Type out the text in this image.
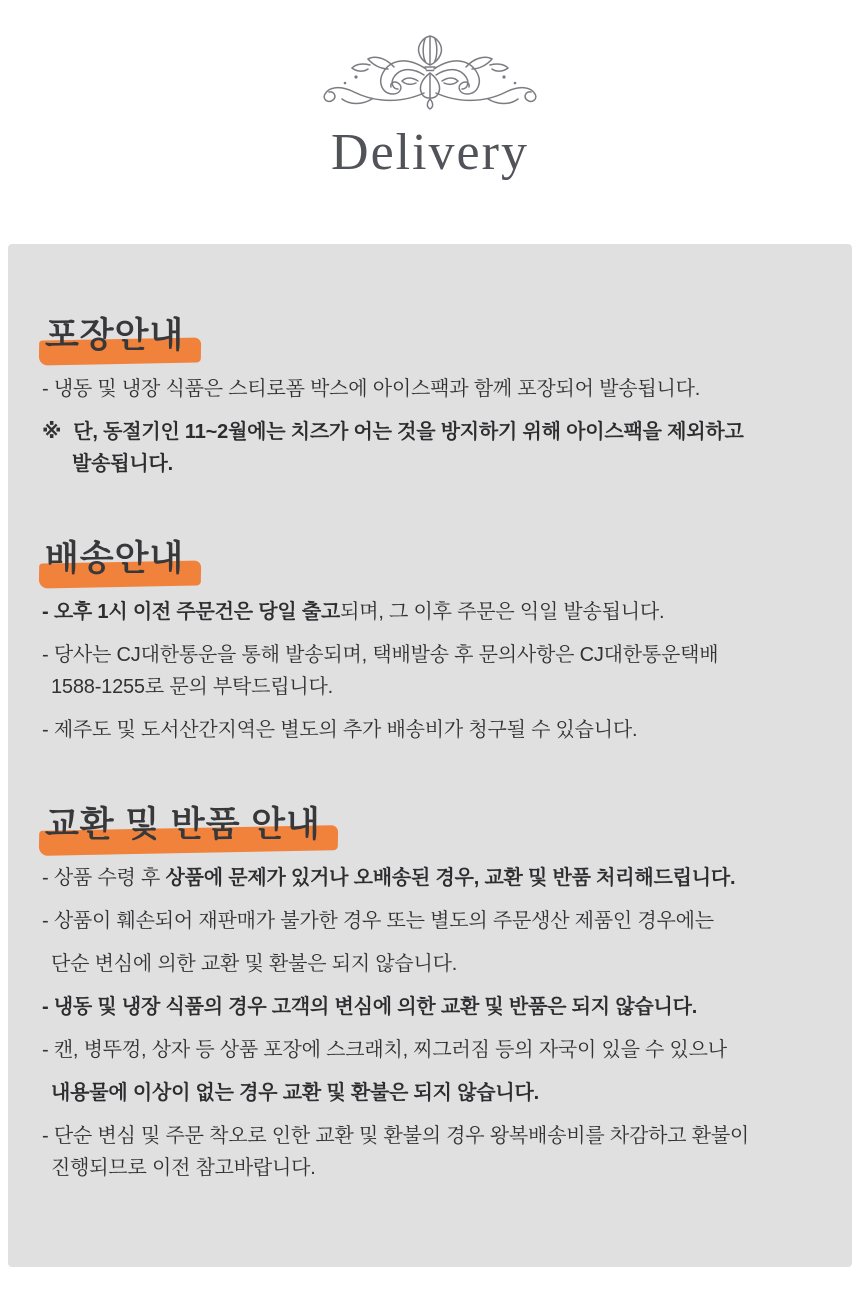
Delivery
포장안내

- 냉동 및 냉장 식품은 스티로폼 박스에 아이스팩과 함께 포장되어 발송됩니다.

※ 단, 동절기인 11~2월에는 치즈가 어는 것을 방지하기 위해 아이스팩을 제외하고

발송됩니다.

배송안내

- 오후 1시 이전 주문건은 당일 출고되며, 그 이후 주문은 익일 발송됩니다.

- 당사는 CJ대한통운을 통해 발송되며, 택배발송 후 문의사항은 CJ대한통운택배

1588-1255로 문의 부탁드립니다.

- 제주도 및 도서산간지역은 별도의 추가 배송비가 청구될 수 있습니다.

교환 및 반품 안내

- 상품 수령 후 상품에 문제가 있거나 오배송된 경우, 교환 및 반품 처리해드립니다.

- 상품이 훼손되어 재판매가 불가한 경우 또는 별도의 주문생산 제품인 경우에는

단순 변심에 의한 교환 및 환불은 되지 않습니다.

- 냉동 및 냉장 식품의 경우 고객의 변심에 의한 교환 및 반품은 되지 않습니다.

- 캔, 병뚜껑, 상자 등 상품 포장에 스크래치, 찌그러짐 등의 자국이 있을 수 있으나

내용물에 이상이 없는 경우 교환 및 환불은 되지 않습니다.

- 단순 변심 및 주문 착오로 인한 교환 및 환불의 경우 왕복배송비를 차감하고 환불이

진행되므로 이전 참고바랍니다.
